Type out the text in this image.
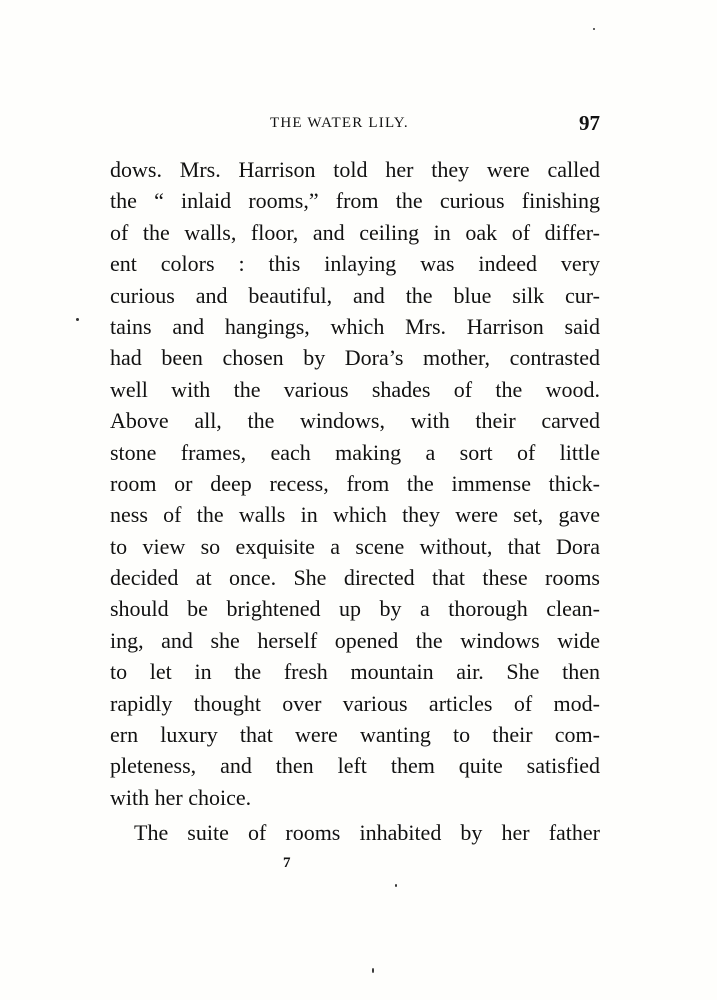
THE WATER LILY.	97
dows. Mrs. Harrison told her they were called
the “ inlaid rooms,” from the curious finishing
of the walls, floor, and ceiling in oak of differ-
ent colors : this inlaying was indeed very
curious and beautiful, and the blue silk cur-
tains and hangings, which Mrs. Harrison said
had been chosen by Dora’s mother, contrasted
well with the various shades of the wood.
Above all, the windows, with their carved
stone frames, each making a sort of little
room or deep recess, from the immense thick-
ness of the walls in which they were set, gave
to view so exquisite a scene without, that Dora
decided at once. She directed that these rooms
should be brightened up by a thorough clean-
ing, and she herself opened the windows wide
to let in the fresh mountain air. She then
rapidly thought over various articles of mod-
ern luxury that were wanting to their com-
pleteness, and then left them quite satisfied
with her choice.
The suite of rooms inhabited by her father
7
